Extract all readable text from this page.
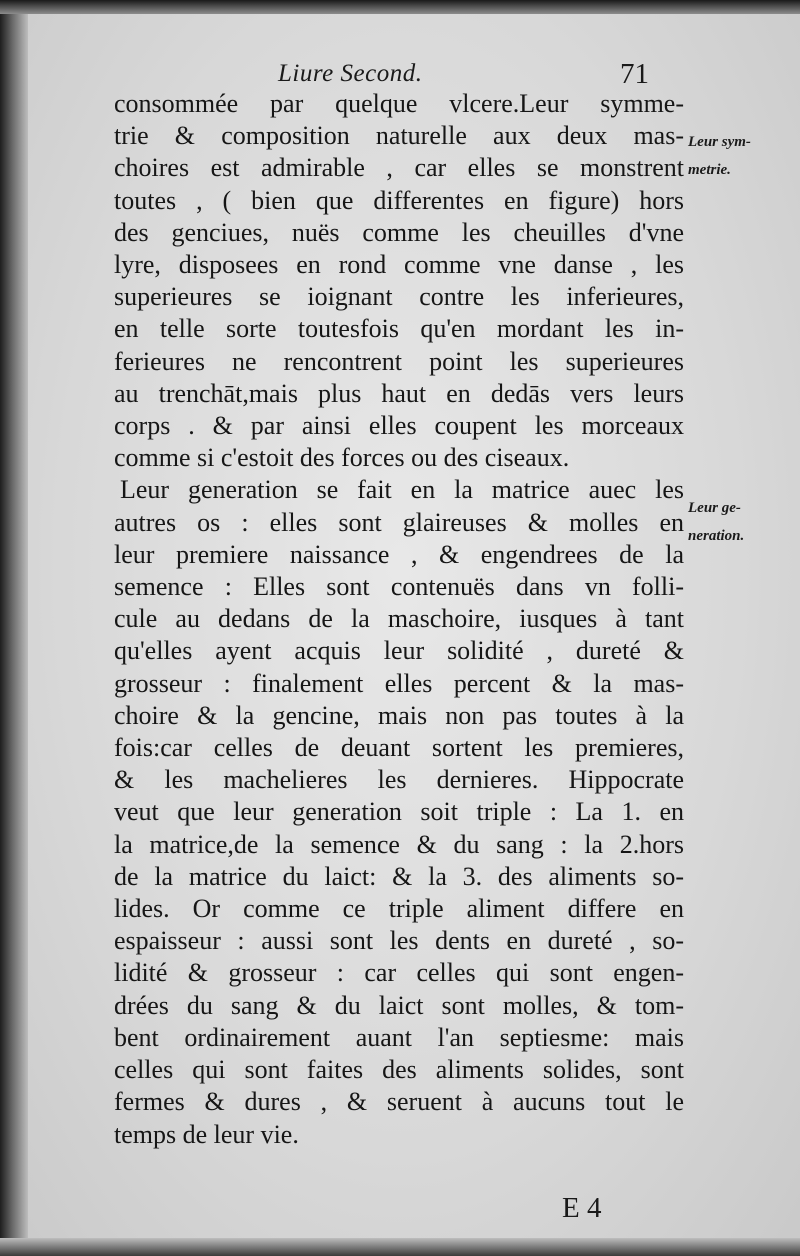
Liure Second.	71
consommée par quelque vlcere.Leur symme-
trie & composition naturelle aux deux mas-
choires est admirable , car elles se monstrent
toutes , ( bien que differentes en figure) hors
des genciues, nuës comme les cheuilles d'vne
lyre, disposees en rond comme vne danse , les
superieures se ioignant contre les inferieures,
en telle sorte toutesfois qu'en mordant les in-
ferieures ne rencontrent point les superieures
au trenchāt,mais plus haut en dedās vers leurs
corps . & par ainsi elles coupent les morceaux
comme si c'estoit des forces ou des ciseaux.
Leur generation se fait en la matrice auec les
autres os : elles sont glaireuses & molles en
leur premiere naissance , & engendrees de la
semence : Elles sont contenuës dans vn folli-
cule au dedans de la maschoire, iusques à tant
qu'elles ayent acquis leur solidité , dureté &
grosseur : finalement elles percent & la mas-
choire & la gencine, mais non pas toutes à la
fois:car celles de deuant sortent les premieres,
& les machelieres les dernieres. Hippocrate
veut que leur generation soit triple : La 1. en
la matrice,de la semence & du sang : la 2.hors
de la matrice du laict: & la 3. des aliments so-
lides. Or comme ce triple aliment differe en
espaisseur : aussi sont les dents en dureté , so-
lidité & grosseur : car celles qui sont engen-
drées du sang & du laict sont molles, & tom-
bent ordinairement auant l'an septiesme: mais
celles qui sont faites des aliments solides, sont
fermes & dures , & seruent à aucuns tout le
temps de leur vie.
Leur sym-
metrie.
Leur ge-
neration.
E 4
